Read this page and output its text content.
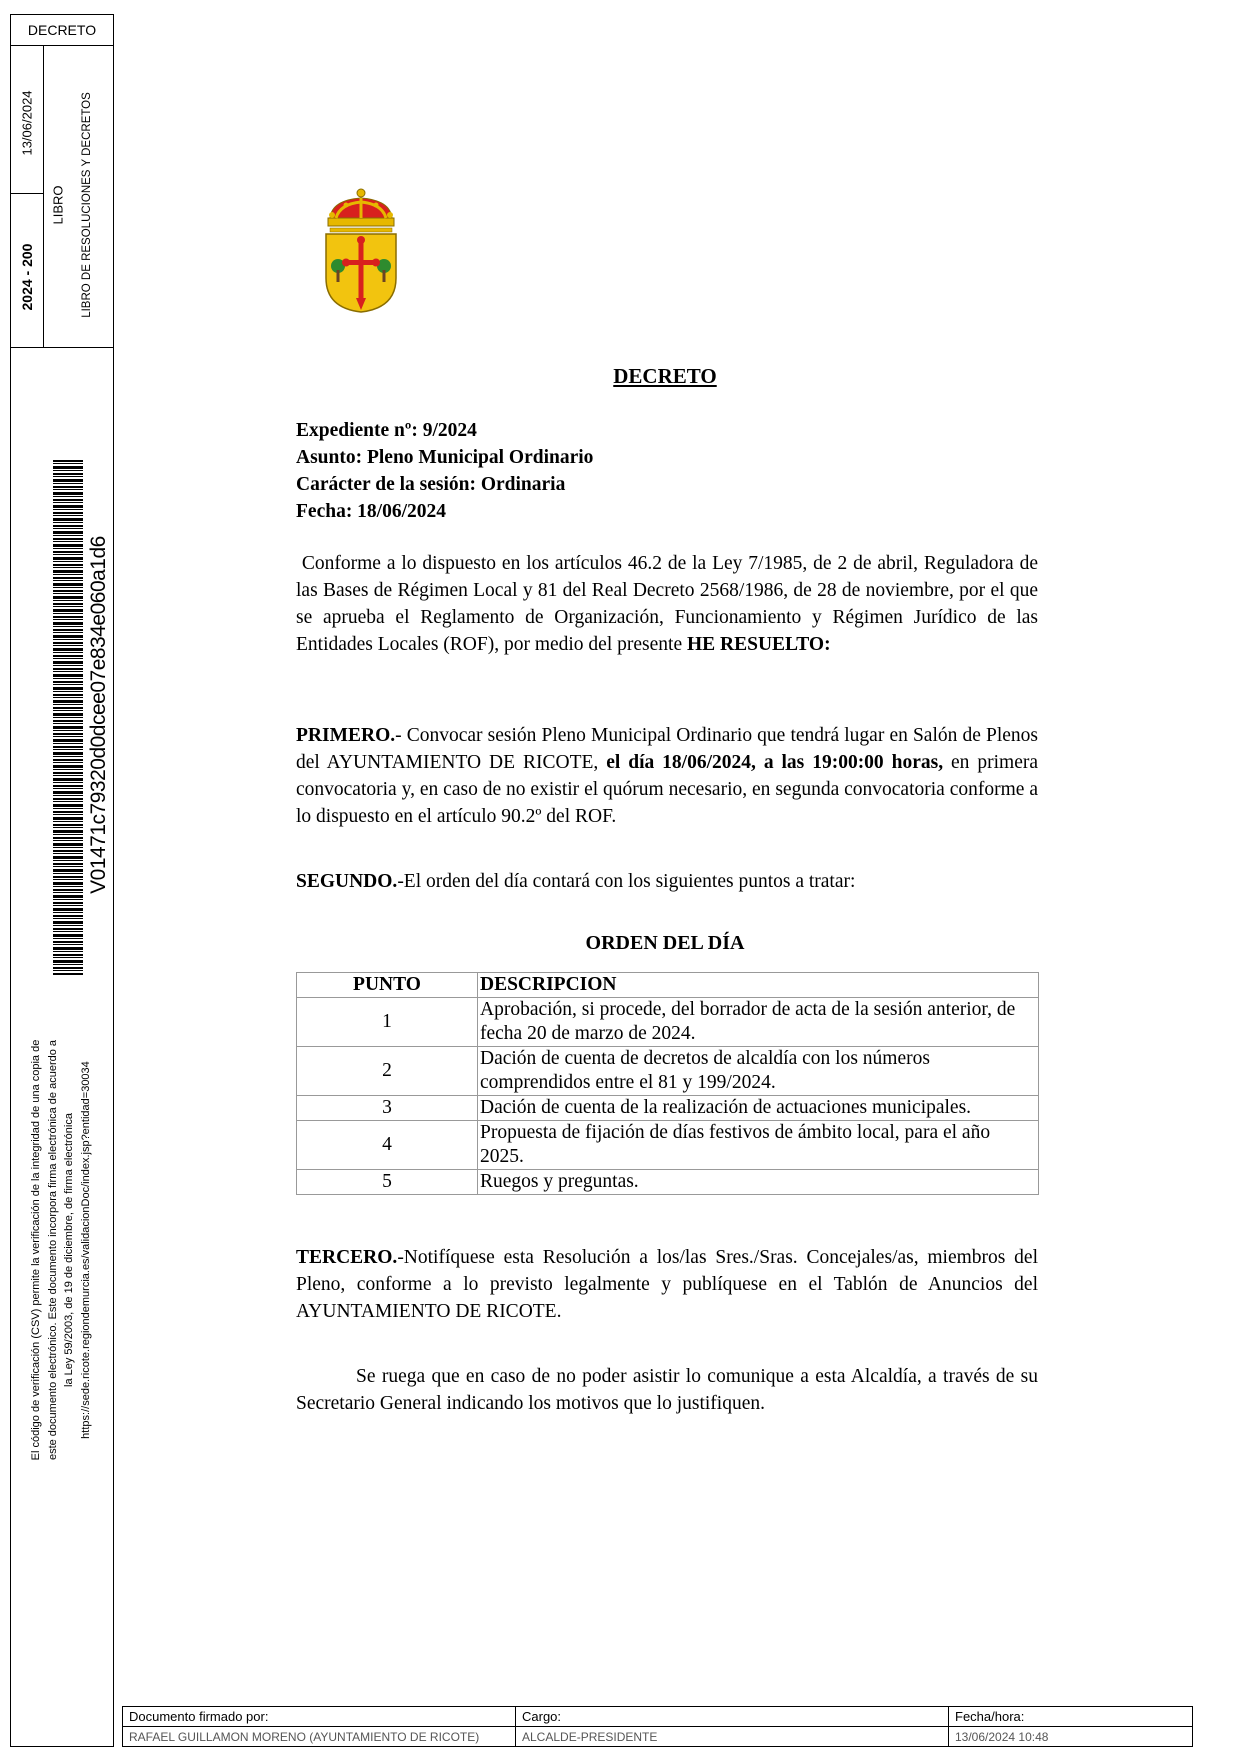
DECRETO
13/06/2024
2024 - 200
LIBRO LIBRO DE RESOLUCIONES Y DECRETOS
V01471c79320d0dcee07e834e060a1d6
El código de verificación (CSV) permite la verificación de la integridad de una copia de este documento electrónico. Este documento incorpora firma electrónica de acuerdo a la Ley 59/2003, de 19 de diciembre, de firma electrónica https://sede.ricote.regiondemurcia.es/validacionDoc/index.jsp?entidad=30034
DECRETO
Expediente nº: 9/2024
Asunto: Pleno Municipal Ordinario
Carácter de la sesión: Ordinaria
Fecha: 18/06/2024
Conforme a lo dispuesto en los artículos 46.2 de la Ley 7/1985, de 2 de abril, Reguladora de las Bases de Régimen Local y 81 del Real Decreto 2568/1986, de 28 de noviembre, por el que se aprueba el Reglamento de Organización, Funcionamiento y Régimen Jurídico de las Entidades Locales (ROF), por medio del presente HE RESUELTO:
PRIMERO.- Convocar sesión Pleno Municipal Ordinario que tendrá lugar en Salón de Plenos del AYUNTAMIENTO DE RICOTE, el día 18/06/2024, a las 19:00:00 horas, en primera convocatoria y, en caso de no existir el quórum necesario, en segunda convocatoria conforme a lo dispuesto en el artículo 90.2º del ROF.
SEGUNDO.-El orden del día contará con los siguientes puntos a tratar:
ORDEN DEL DÍA
PUNTO	DESCRIPCION
1	Aprobación, si procede, del borrador de acta de la sesión anterior, de fecha 20 de marzo de 2024.
2	Dación de cuenta de decretos de alcaldía con los números comprendidos entre el 81 y 199/2024.
3	Dación de cuenta de la realización de actuaciones municipales.
4	Propuesta de fijación de días festivos de ámbito local, para el año 2025.
5	Ruegos y preguntas.
TERCERO.-Notifíquese esta Resolución a los/las Sres./Sras. Concejales/as, miembros del Pleno, conforme a lo previsto legalmente y publíquese en el Tablón de Anuncios del AYUNTAMIENTO DE RICOTE.
Se ruega que en caso de no poder asistir lo comunique a esta Alcaldía, a través de su Secretario General indicando los motivos que lo justifiquen.
Documento firmado por:	Cargo:	Fecha/hora:
RAFAEL GUILLAMON MORENO (AYUNTAMIENTO DE RICOTE)	ALCALDE-PRESIDENTE	13/06/2024 10:48
